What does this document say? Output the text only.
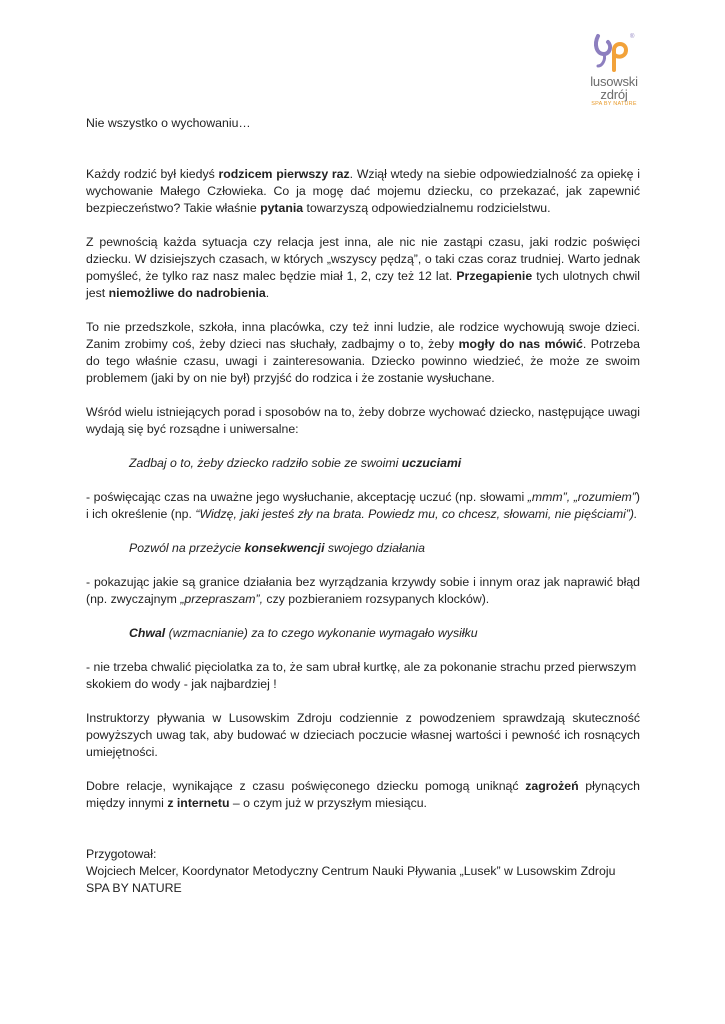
®
lusowski zdrój
SPA BY NATURE

Nie wszystko o wychowaniu…

Każdy rodzić był kiedyś rodzicem pierwszy raz. Wziął wtedy na siebie odpowiedzialność za opiekę i wychowanie Małego Człowieka. Co ja mogę dać mojemu dziecku, co przekazać, jak zapewnić bezpieczeństwo? Takie właśnie pytania towarzyszą odpowiedzialnemu rodzicielstwu.

Z pewnością każda sytuacja czy relacja jest inna, ale nic nie zastąpi czasu, jaki rodzic poświęci dziecku. W dzisiejszych czasach, w których „wszyscy pędzą”, o taki czas coraz trudniej. Warto jednak pomyśleć, że tylko raz nasz malec będzie miał 1, 2, czy też 12 lat. Przegapienie tych ulotnych chwil jest niemożliwe do nadrobienia.

To nie przedszkole, szkoła, inna placówka, czy też inni ludzie, ale rodzice wychowują swoje dzieci. Zanim zrobimy coś, żeby dzieci nas słuchały, zadbajmy o to, żeby mogły do nas mówić. Potrzeba do tego właśnie czasu, uwagi i zainteresowania. Dziecko powinno wiedzieć, że może ze swoim problemem (jaki by on nie był) przyjść do rodzica i że zostanie wysłuchane.

Wśród wielu istniejących porad i sposobów na to, żeby dobrze wychować dziecko, następujące uwagi wydają się być rozsądne i uniwersalne:

Zadbaj o to, żeby dziecko radziło sobie ze swoimi uczuciami

- poświęcając czas na uważne jego wysłuchanie, akceptację uczuć (np. słowami „mmm”, „rozumiem”) i ich określenie (np. “Widzę, jaki jesteś zły na brata. Powiedz mu, co chcesz, słowami, nie pięściami”).

Pozwól na przeżycie konsekwencji swojego działania

- pokazując jakie są granice działania bez wyrządzania krzywdy sobie i innym oraz jak naprawić błąd (np. zwyczajnym „przepraszam”, czy pozbieraniem rozsypanych klocków).

Chwal (wzmacnianie) za to czego wykonanie wymagało wysiłku

- nie trzeba chwalić pięciolatka za to, że sam ubrał kurtkę, ale za pokonanie strachu przed pierwszym skokiem do wody - jak najbardziej !

Instruktorzy pływania w Lusowskim Zdroju codziennie z powodzeniem sprawdzają skuteczność powyższych uwag tak, aby budować w dzieciach poczucie własnej wartości i pewność ich rosnących umiejętności.

Dobre relacje, wynikające z czasu poświęconego dziecku pomogą uniknąć zagrożeń płynących między innymi z internetu – o czym już w przyszłym miesiącu.

Przygotował:

Wojciech Melcer, Koordynator Metodyczny Centrum Nauki Pływania „Lusek” w Lusowskim Zdroju

SPA BY NATURE
